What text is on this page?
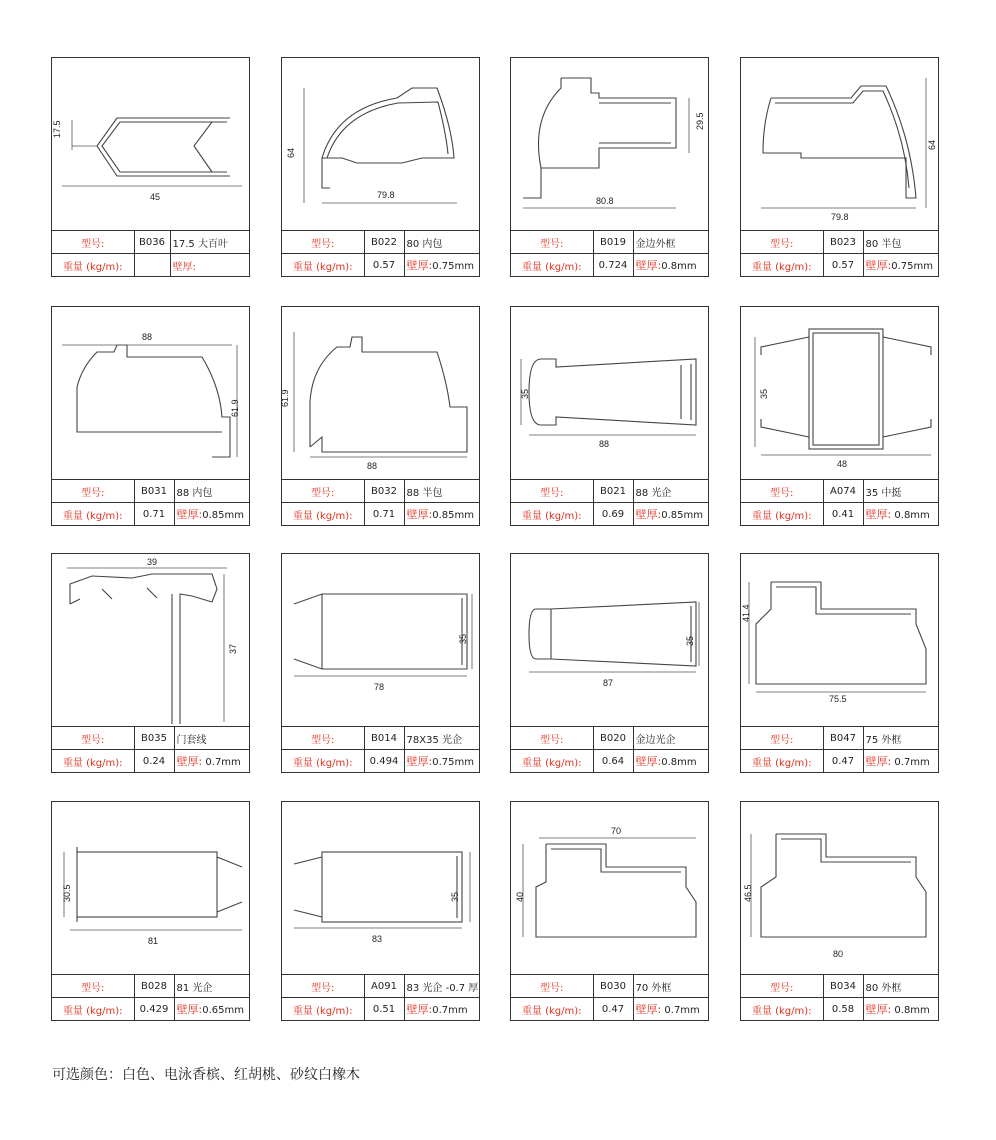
17.5
45
型号:	B036	17.5 大百叶
重量 (kg/m):		壁厚:
64
79.8
型号:	B022	80 内包
重量 (kg/m):	0.57	壁厚:0.75mm
29.5
80.8
型号:	B019	金边外框
重量 (kg/m):	0.724	壁厚:0.8mm
64
79.8
型号:	B023	80 半包
重量 (kg/m):	0.57	壁厚:0.75mm
88
61.9
型号:	B031	88 内包
重量 (kg/m):	0.71	壁厚:0.85mm
61.9
88
型号:	B032	88 半包
重量 (kg/m):	0.71	壁厚:0.85mm
35
88
型号:	B021	88 光企
重量 (kg/m):	0.69	壁厚:0.85mm
35
48
型号:	A074	35 中挺
重量 (kg/m):	0.41	壁厚: 0.8mm
39
37
型号:	B035	门套线
重量 (kg/m):	0.24	壁厚: 0.7mm
35
78
型号:	B014	78X35 光企
重量 (kg/m):	0.494	壁厚:0.75mm
35
87
型号:	B020	金边光企
重量 (kg/m):	0.64	壁厚:0.8mm
41.4
75.5
型号:	B047	75 外框
重量 (kg/m):	0.47	壁厚: 0.7mm
30.5
81
型号:	B028	81 光企
重量 (kg/m):	0.429	壁厚:0.65mm
35
83
型号:	A091	83 光企 -0.7 厚
重量 (kg/m):	0.51	壁厚:0.7mm
70
40
型号:	B030	70 外框
重量 (kg/m):	0.47	壁厚: 0.7mm
46.5
80
型号:	B034	80 外框
重量 (kg/m):	0.58	壁厚: 0.8mm
可选颜色：白色、电泳香槟、红胡桃、砂纹白橡木
